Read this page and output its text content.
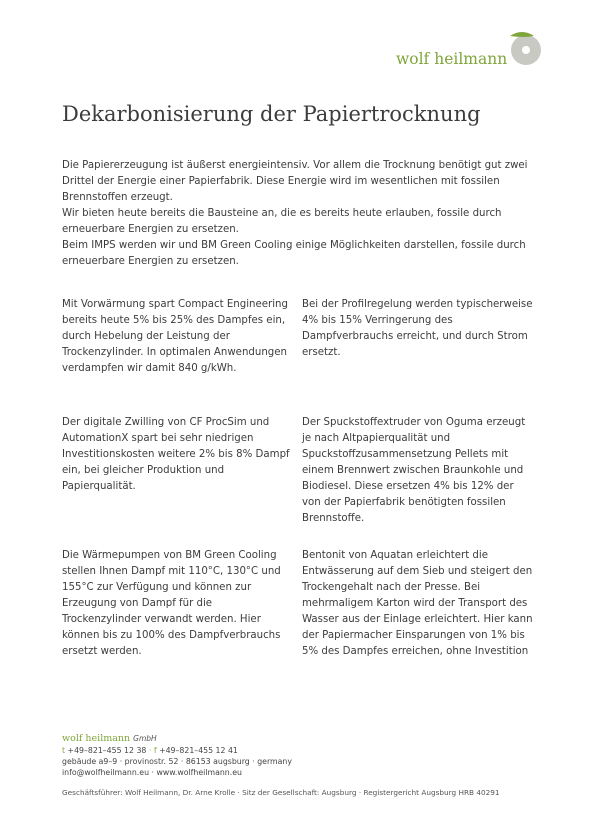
wolf heilmann
Dekarbonisierung der Papiertrocknung

Die Papiererzeugung ist äußerst energieintensiv. Vor allem die Trocknung benötigt gut zwei Drittel der Energie einer Papierfabrik. Diese Energie wird im wesentlichen mit fossilen Brennstoffen erzeugt.

Wir bieten heute bereits die Bausteine an, die es bereits heute erlauben, fossile durch erneuerbare Energien zu ersetzen.

Beim IMPS werden wir und BM Green Cooling einige Möglichkeiten darstellen, fossile durch erneuerbare Energien zu ersetzen.

Mit Vorwärmung spart Compact Engineering bereits heute 5% bis 25% des Dampfes ein, durch Hebelung der Leistung der Trockenzylinder. In optimalen Anwendungen verdampfen wir damit 840 g/kWh.

Bei der Profilregelung werden typischerweise 4% bis 15% Verringerung des Dampfverbrauchs erreicht, und durch Strom ersetzt.

Der digitale Zwilling von CF ProcSim und AutomationX spart bei sehr niedrigen Investitionskosten weitere 2% bis 8% Dampf ein, bei gleicher Produktion und Papierqualität.

Der Spuckstoffextruder von Oguma erzeugt je nach Altpapierqualität und Spuckstoffzusammensetzung Pellets mit einem Brennwert zwischen Braunkohle und Biodiesel. Diese ersetzen 4% bis 12% der von der Papierfabrik benötigten fossilen Brennstoffe.

Die Wärmepumpen von BM Green Cooling stellen Ihnen Dampf mit 110°C, 130°C und 155°C zur Verfügung und können zur Erzeugung von Dampf für die Trockenzylinder verwandt werden. Hier können bis zu 100% des Dampfverbrauchs ersetzt werden.

Bentonit von Aquatan erleichtert die Entwässerung auf dem Sieb und steigert den Trockengehalt nach der Presse. Bei mehrmaligem Karton wird der Transport des Wasser aus der Einlage erleichtert. Hier kann der Papiermacher Einsparungen von 1% bis 5% des Dampfes erreichen, ohne Investition

wolf heilmann GmbH
t +49–821–455 12 38 · f +49–821–455 12 41
gebäude a9–9 · provinostr. 52 · 86153 augsburg · germany
info@wolfheilmann.eu · www.wolfheilmann.eu
Geschäftsführer: Wolf Heilmann, Dr. Arne Krolle · Sitz der Gesellschaft: Augsburg · Registergericht Augsburg HRB 40291
